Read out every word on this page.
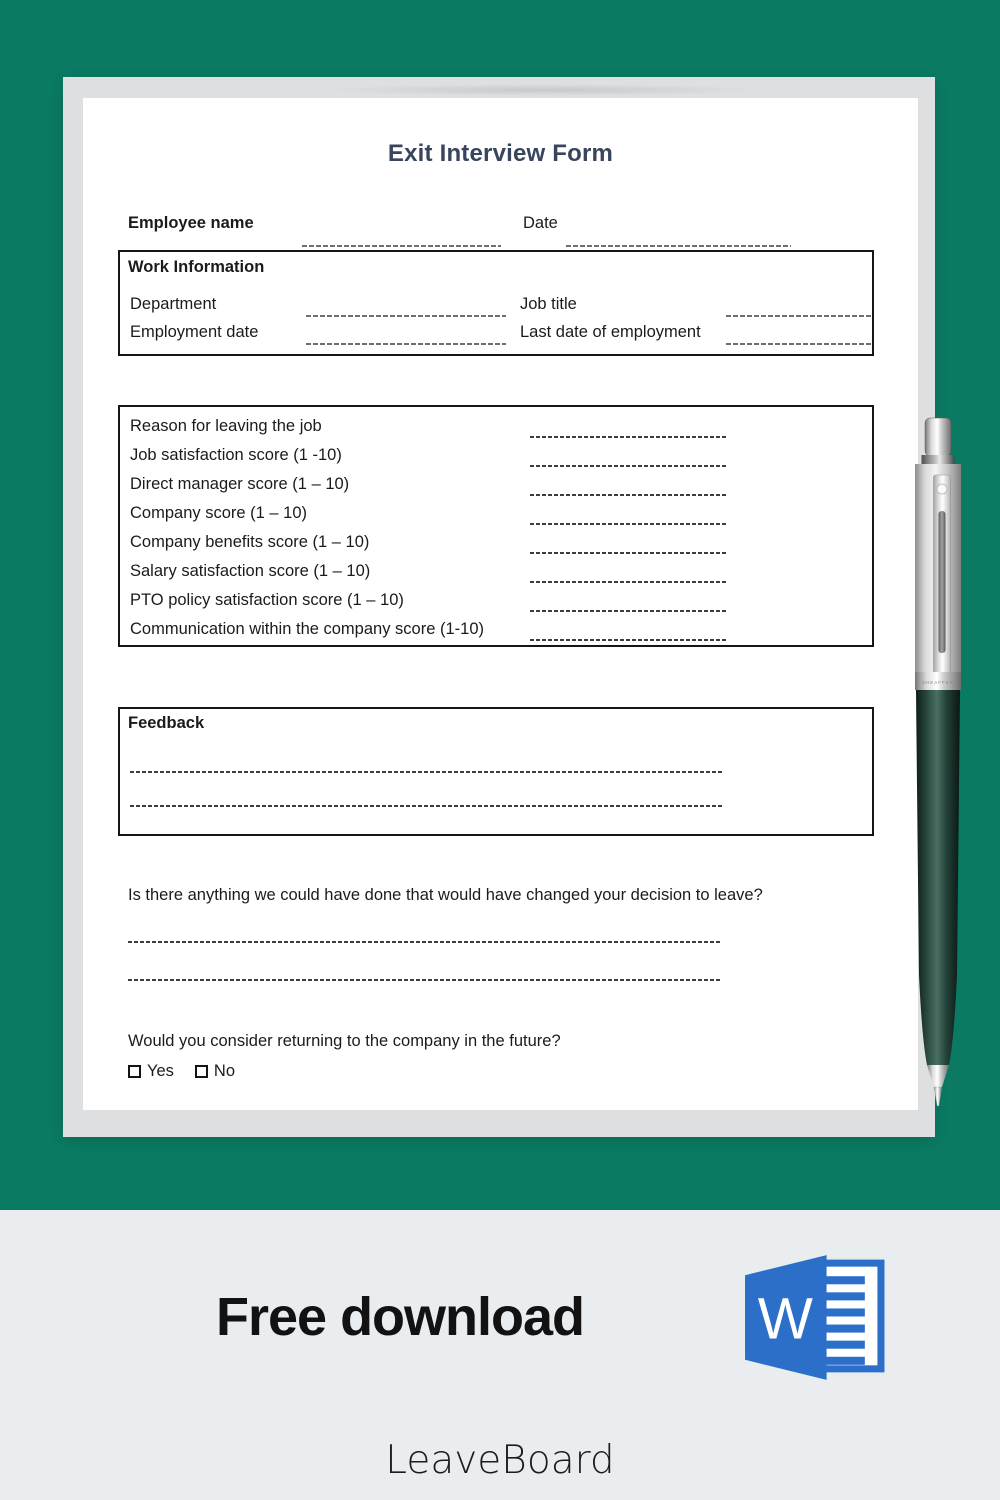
Exit Interview Form
Employee name	Date
Work Information
Department	Job title
Employment date	Last date of employment
Reason for leaving the job
Job satisfaction score (1 -10)
Direct manager score (1 – 10)
Company score (1 – 10)
Company benefits score (1 – 10)
Salary satisfaction score (1 – 10)
PTO policy satisfaction score (1 – 10)
Communication within the company score (1-10)
Feedback
Is there anything we could have done that would have changed your decision to leave?
Would you consider returning to the company in the future?
Yes No
SHEAFFER
Free download	W
LeaveBoard
